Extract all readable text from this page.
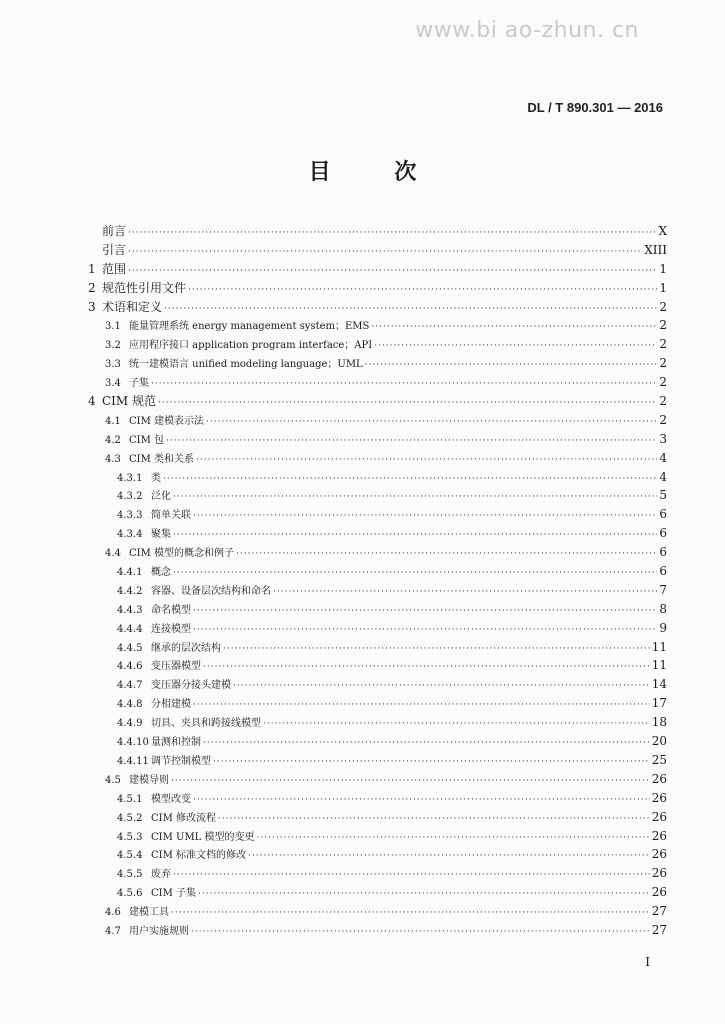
www.bi ao-zhun. cn
DL / T 890.301 — 2016
目 次
前言 ·····	X
引言 ·····	XIII
1 范围 ·····	1
2 规范性引用文件 ·····	1
3 术语和定义 ·····	2
3.1 能量管理系统 energy management system；EMS ·····	2
3.2 应用程序接口 application program interface；API ·····	2
3.3 统一建模语言 unified modeling language；UML ·····	2
3.4 子集 ·····	2
4 CIM 规范 ·····	2
4.1 CIM 建模表示法 ·····	2
4.2 CIM 包 ·····	3
4.3 CIM 类和关系 ·····	4
4.3.1 类 ·····	4
4.3.2 泛化 ·····	5
4.3.3 简单关联 ·····	6
4.3.4 聚集 ·····	6
4.4 CIM 模型的概念和例子 ·····	6
4.4.1 概念 ·····	6
4.4.2 容器、设备层次结构和命名 ·····	7
4.4.3 命名模型 ·····	8
4.4.4 连接模型 ·····	9
4.4.5 继承的层次结构 ·····	11
4.4.6 变压器模型 ·····	11
4.4.7 变压器分接头建模 ·····	14
4.4.8 分相建模 ·····	17
4.4.9 切具、夹具和跨接线模型 ·····	18
4.4.10 量测和控制 ·····	20
4.4.11 调节控制模型 ·····	25
4.5 建模导则 ·····	26
4.5.1 模型改变 ·····	26
4.5.2 CIM 修改流程 ·····	26
4.5.3 CIM UML 模型的变更 ·····	26
4.5.4 CIM 标准文档的修改 ·····	26
4.5.5 废弃 ·····	26
4.5.6 CIM 子集 ·····	26
4.6 建模工具 ·····	27
4.7 用户实施规则 ·····	27
I
